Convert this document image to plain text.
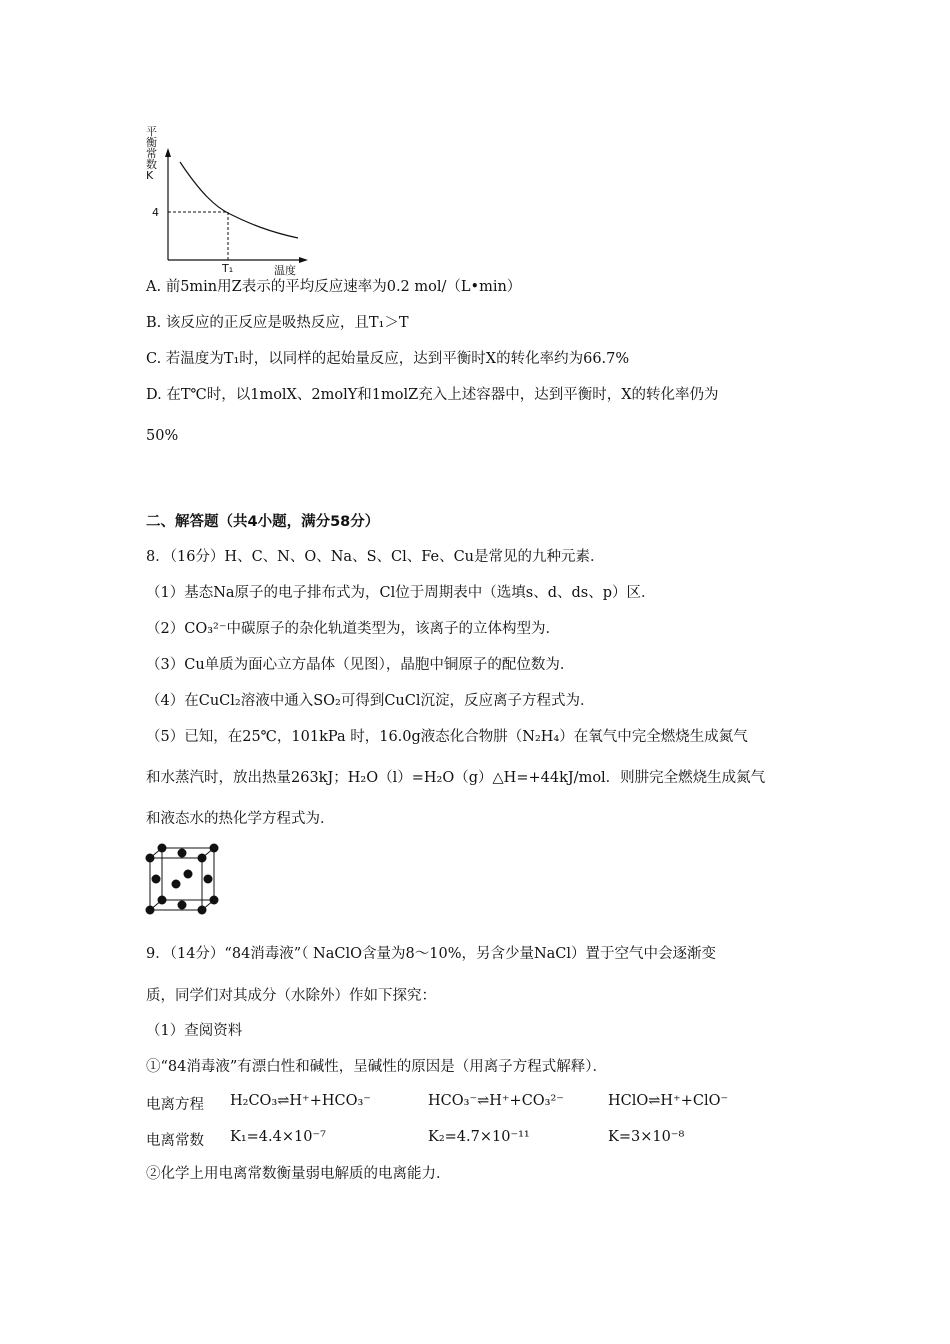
平
衡
常
数
K
4
T₁	温度
A. 前5min用Z表示的平均反应速率为0.2 mol/（L•min）
B. 该反应的正反应是吸热反应，且T₁＞T
C. 若温度为T₁时，以同样的起始量反应，达到平衡时X的转化率约为66.7%
D. 在T℃时，以1molX、2molY和1molZ充入上述容器中，达到平衡时，X的转化率仍为
50%
二、解答题（共4小题，满分58分）
8．（16分）H、C、N、O、Na、S、Cl、Fe、Cu是常见的九种元素．
（1）基态Na原子的电子排布式为，Cl位于周期表中（选填s、d、ds、p）区．
（2）CO₃²⁻中碳原子的杂化轨道类型为，该离子的立体构型为．
（3）Cu单质为面心立方晶体（见图），晶胞中铜原子的配位数为．
（4）在CuCl₂溶液中通入SO₂可得到CuCl沉淀，反应离子方程式为．
（5）已知，在25℃，101kPa 时，16.0g液态化合物肼（N₂H₄）在氧气中完全燃烧生成氮气
和水蒸汽时，放出热量263kJ；H₂O（l）=H₂O（g）△H=+44kJ/mol．则肼完全燃烧生成氮气
和液态水的热化学方程式为．
9．（14分）“84消毒液”（ NaClO含量为8～10%，另含少量NaCl）置于空气中会逐渐变
质，同学们对其成分（水除外）作如下探究：
（1）查阅资料
①“84消毒液”有漂白性和碱性，呈碱性的原因是（用离子方程式解释）．
电离方程 H₂CO₃⇌H⁺+HCO₃⁻	HCO₃⁻⇌H⁺+CO₃²⁻	HClO⇌H⁺+ClO⁻
电离常数 K₁=4.4×10⁻⁷	K₂=4.7×10⁻¹¹	K=3×10⁻⁸
②化学上用电离常数衡量弱电解质的电离能力．
